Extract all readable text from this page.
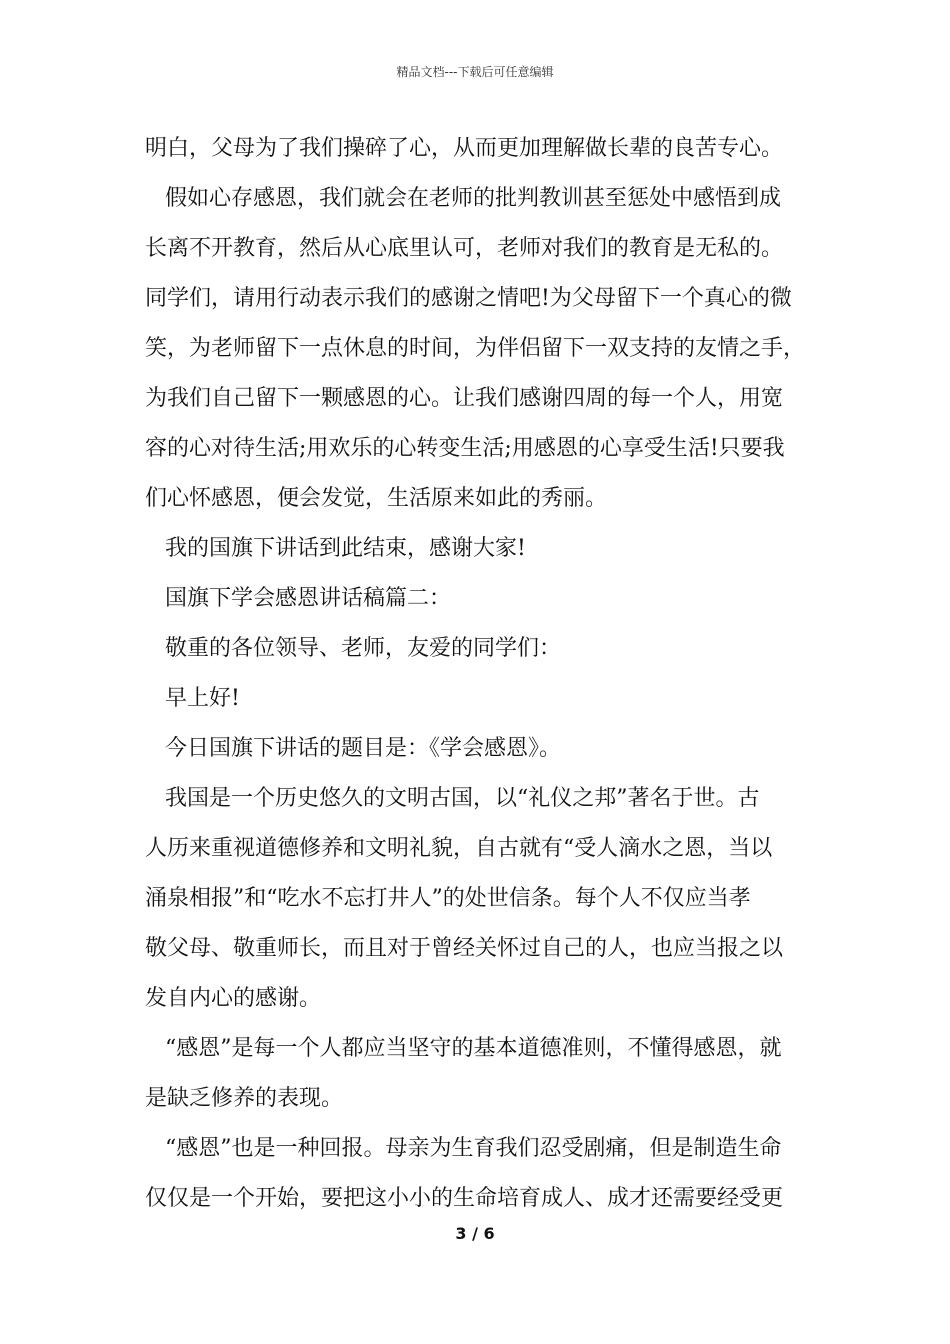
精品文档---下载后可任意编辑
明白，父母为了我们操碎了心，从而更加理解做长辈的良苦专心。
假如心存感恩，我们就会在老师的批判教训甚至惩处中感悟到成
长离不开教育，然后从心底里认可，老师对我们的教育是无私的。
同学们，请用行动表示我们的感谢之情吧!为父母留下一个真心的微
笑，为老师留下一点休息的时间，为伴侣留下一双支持的友情之手，
为我们自己留下一颗感恩的心。让我们感谢四周的每一个人，用宽
容的心对待生活;用欢乐的心转变生活;用感恩的心享受生活!只要我
们心怀感恩，便会发觉，生活原来如此的秀丽。
我的国旗下讲话到此结束，感谢大家!
国旗下学会感恩讲话稿篇二：
敬重的各位领导、老师，友爱的同学们：
早上好!
今日国旗下讲话的题目是：《学会感恩》。
我国是一个历史悠久的文明古国，以“礼仪之邦”著名于世。古
人历来重视道德修养和文明礼貌，自古就有“受人滴水之恩，当以
涌泉相报”和“吃水不忘打井人”的处世信条。每个人不仅应当孝
敬父母、敬重师长，而且对于曾经关怀过自己的人，也应当报之以
发自内心的感谢。
“感恩”是每一个人都应当坚守的基本道德准则，不懂得感恩，就
是缺乏修养的表现。
“感恩”也是一种回报。母亲为生育我们忍受剧痛，但是制造生命
仅仅是一个开始，要把这小小的生命培育成人、成才还需要经受更
3 / 6
